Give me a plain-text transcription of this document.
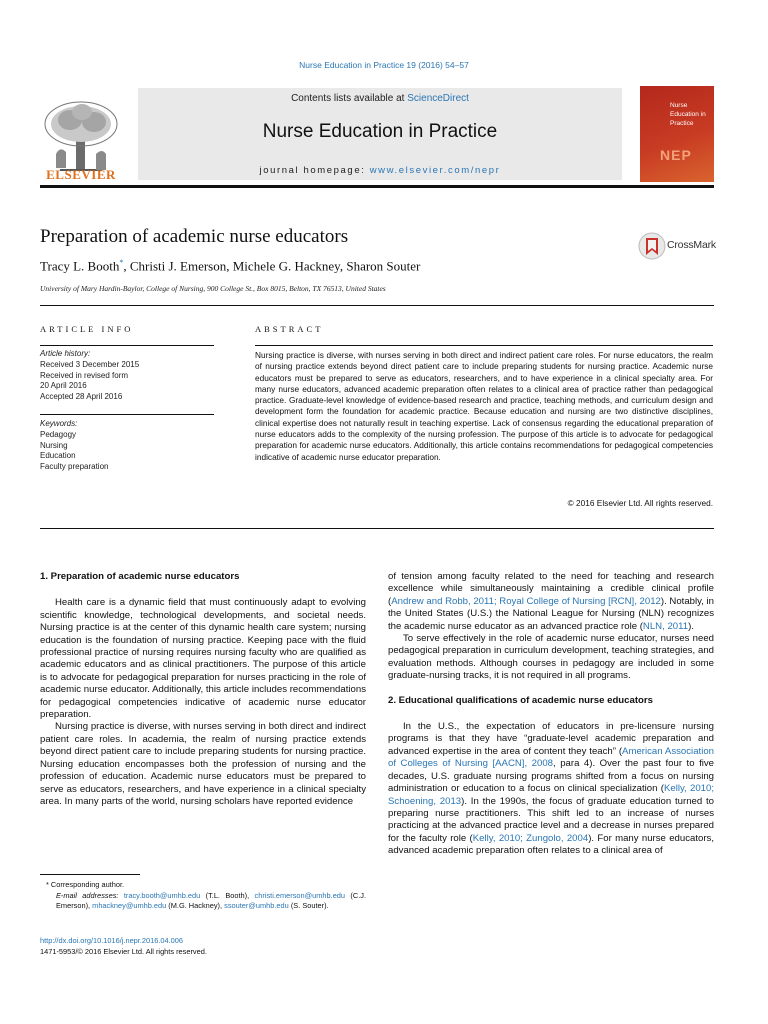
Nurse Education in Practice 19 (2016) 54–57
ELSEVIER
Contents lists available at ScienceDirect
Nurse Education in Practice
journal homepage: www.elsevier.com/nepr
Nurse
Education in
Practice
NEP
Preparation of academic nurse educators	CrossMark
Tracy L. Booth*, Christi J. Emerson, Michele G. Hackney, Sharon Souter
University of Mary Hardin-Baylor, College of Nursing, 900 College St., Box 8015, Belton, TX 76513, United States
ARTICLE INFO
Article history:
Received 3 December 2015
Received in revised form
20 April 2016
Accepted 28 April 2016
Keywords:
Pedagogy
Nursing
Education
Faculty preparation
ABSTRACT
Nursing practice is diverse, with nurses serving in both direct and indirect patient care roles. For nurse educators, the realm of nursing practice extends beyond direct patient care to include preparing students for nursing practice. Academic nurse educators must be prepared to serve as educators, researchers, and to have experience in a clinical specialty area. For many nurse educators, advanced academic preparation often relates to a clinical area of practice rather than pedagogical practice. Graduate-level knowledge of evidence-based research and practice, teaching methods, and curriculum design and development form the foundation for academic practice. Because education and nursing are two distinctive disciplines, clinical expertise does not naturally result in teaching expertise. Lack of consensus regarding the educational preparation of nurse educators adds to the complexity of the nursing profession. The purpose of this article is to advocate for pedagogical preparation for academic nurse educators. Additionally, this article contains recommendations for pedagogical competencies indicative of academic nurse educator preparation.
© 2016 Elsevier Ltd. All rights reserved.
1. Preparation of academic nurse educators

Health care is a dynamic field that must continuously adapt to evolving scientific knowledge, technological developments, and societal needs. Nursing practice is at the center of this dynamic health care system; nursing education is the foundation of nursing practice. Keeping pace with the fluid professional practice of nursing requires nursing faculty who are qualified as academic educators and as clinical practitioners. The purpose of this article is to advocate for pedagogical preparation for nurses practicing in the role of academic nurse educator. Additionally, this article includes recommendations for pedagogical competencies indicative of academic nurse educator preparation.

Nursing practice is diverse, with nurses serving in both direct and indirect patient care roles. In academia, the realm of nursing practice extends beyond direct patient care to include preparing students for nursing practice. Nursing education encompasses both the profession of nursing and the profession of education. Academic nurse educators must be prepared to serve as educators, researchers, and have experience in a clinical specialty area. In many parts of the world, nursing scholars have reported evidence

of tension among faculty related to the need for teaching and research excellence while simultaneously maintaining a credible clinical profile (Andrew and Robb, 2011; Royal College of Nursing [RCN], 2012). Notably, in the United States (U.S.) the National League for Nursing (NLN) recognizes the academic nurse educator as an advanced practice role (NLN, 2011).

To serve effectively in the role of academic nurse educator, nurses need pedagogical preparation in curriculum development, teaching strategies, and evaluation methods. Although courses in pedagogy are included in some graduate-nursing tracks, it is not required in all programs.

2. Educational qualifications of academic nurse educators

In the U.S., the expectation of educators in pre-licensure nursing programs is that they have “graduate-level academic preparation and advanced expertise in the area of content they teach” (American Association of Colleges of Nursing [AACN], 2008, para 4). Over the past four to five decades, U.S. graduate nursing programs shifted from a focus on nursing administration or education to a focus on clinical specialization (Kelly, 2010; Schoening, 2013). In the 1990s, the focus of graduate education turned to preparing nurse practitioners. This shift led to an increase of nurses practicing at the advanced practice level and a decrease in nurses prepared for the faculty role (Kelly, 2010; Zungolo, 2004). For many nurse educators, advanced academic preparation often relates to a clinical area of

* Corresponding author.
E-mail addresses: tracy.booth@umhb.edu (T.L. Booth), christi.emerson@umhb.edu (C.J. Emerson), mhackney@umhb.edu (M.G. Hackney), ssouter@umhb.edu (S. Souter).
http://dx.doi.org/10.1016/j.nepr.2016.04.006
1471-5953/© 2016 Elsevier Ltd. All rights reserved.
